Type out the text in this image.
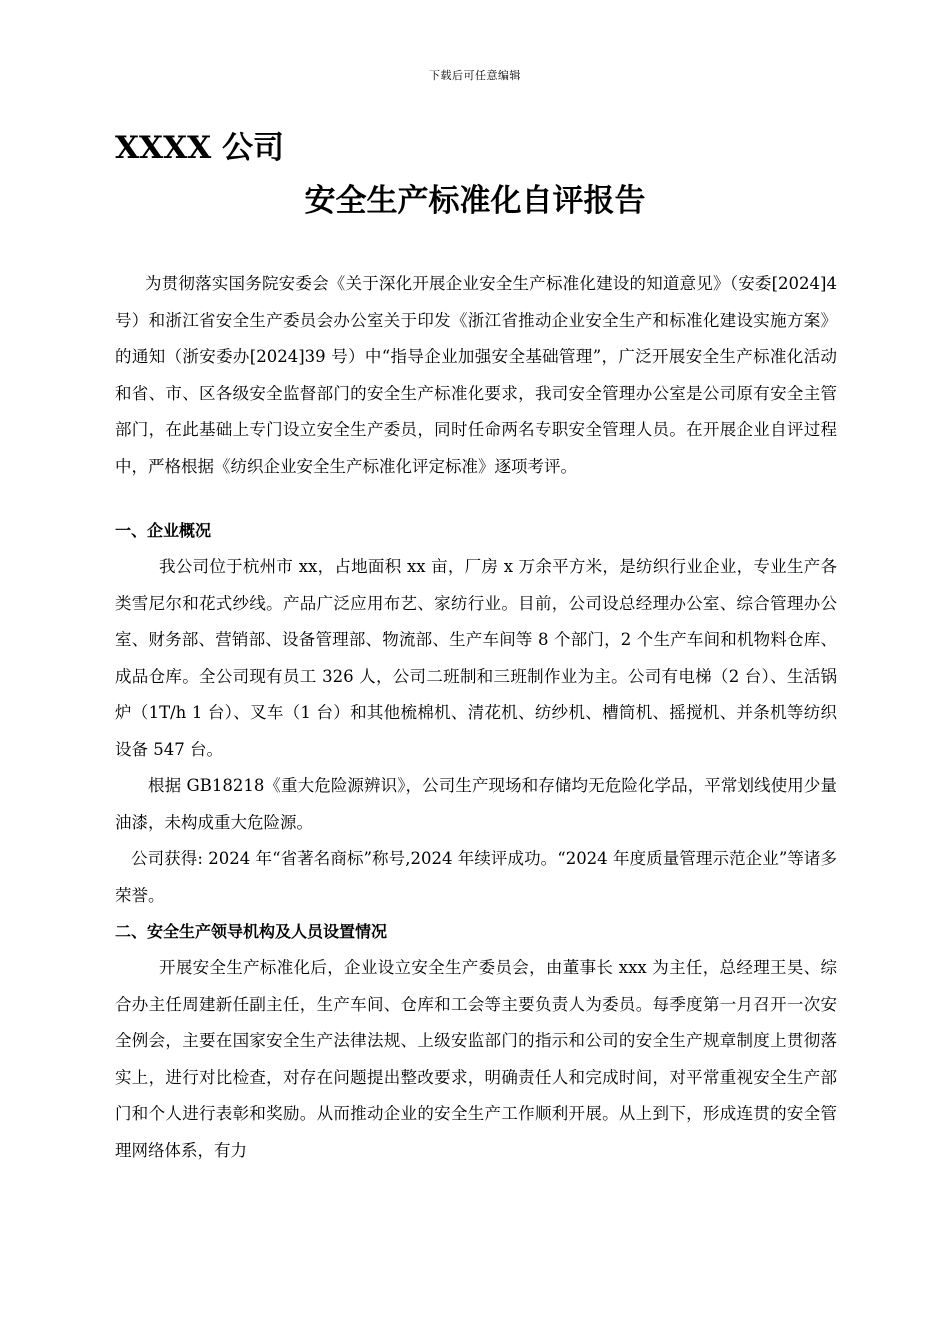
下载后可任意编辑
XXXX 公司
安全生产标准化自评报告

为贯彻落实国务院安委会《关于深化开展企业安全生产标准化建设的知道意见》（安委[2024]4 号）和浙江省安全生产委员会办公室关于印发《浙江省推动企业安全生产和标准化建设实施方案》的通知（浙安委办[2024]39 号）中“指导企业加强安全基础管理”，广泛开展安全生产标准化活动和省、市、区各级安全监督部门的安全生产标准化要求，我司安全管理办公室是公司原有安全主管部门，在此基础上专门设立安全生产委员，同时任命两名专职安全管理人员。在开展企业自评过程中，严格根据《纺织企业安全生产标准化评定标准》逐项考评。

一、企业概况

我公司位于杭州市 xx，占地面积 xx 亩，厂房 x 万余平方米，是纺织行业企业，专业生产各类雪尼尔和花式纱线。产品广泛应用布艺、家纺行业。目前，公司设总经理办公室、综合管理办公室、财务部、营销部、设备管理部、物流部、生产车间等 8 个部门，2 个生产车间和机物料仓库、成品仓库。全公司现有员工 326 人，公司二班制和三班制作业为主。公司有电梯（2 台）、生活锅炉（1T/h 1 台）、叉车（1 台）和其他梳棉机、清花机、纺纱机、槽筒机、摇搅机、并条机等纺织设备 547 台。

根据 GB18218《重大危险源辨识》，公司生产现场和存储均无危险化学品，平常划线使用少量油漆，未构成重大危险源。

公司获得: 2024 年“省著名商标”称号,2024 年续评成功。“2024 年度质量管理示范企业”等诸多荣誉。

二、安全生产领导机构及人员设置情况

开展安全生产标准化后，企业设立安全生产委员会，由董事长 xxx 为主任，总经理王昊、综合办主任周建新任副主任，生产车间、仓库和工会等主要负责人为委员。每季度第一月召开一次安全例会，主要在国家安全生产法律法规、上级安监部门的指示和公司的安全生产规章制度上贯彻落实上，进行对比检查，对存在问题提出整改要求，明确责任人和完成时间，对平常重视安全生产部门和个人进行表彰和奖励。从而推动企业的安全生产工作顺利开展。从上到下，形成连贯的安全管理网络体系，有力
